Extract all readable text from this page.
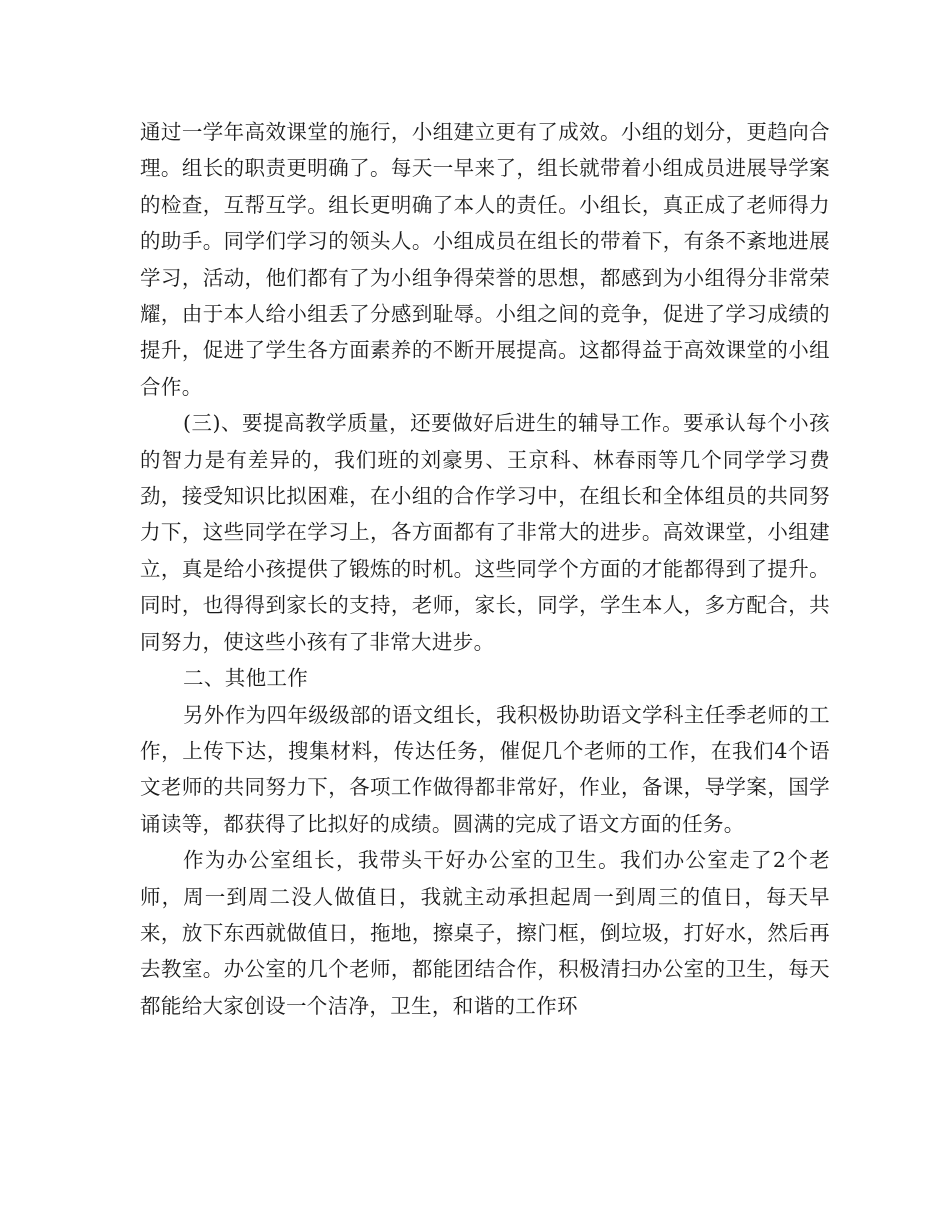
通过一学年高效课堂的施行，小组建立更有了成效。小组的划分，更趋向合理。组长的职责更明确了。每天一早来了，组长就带着小组成员进展导学案的检查，互帮互学。组长更明确了本人的责任。小组长，真正成了老师得力的助手。同学们学习的领头人。小组成员在组长的带着下，有条不紊地进展学习，活动，他们都有了为小组争得荣誉的思想，都感到为小组得分非常荣耀，由于本人给小组丢了分感到耻辱。小组之间的竞争，促进了学习成绩的提升，促进了学生各方面素养的不断开展提高。这都得益于高效课堂的小组合作。

(三)、要提高教学质量，还要做好后进生的辅导工作。要承认每个小孩的智力是有差异的，我们班的刘豪男、王京科、林春雨等几个同学学习费劲，接受知识比拟困难，在小组的合作学习中，在组长和全体组员的共同努力下，这些同学在学习上，各方面都有了非常大的进步。高效课堂，小组建立，真是给小孩提供了锻炼的时机。这些同学个方面的才能都得到了提升。同时，也得得到家长的支持，老师，家长，同学，学生本人，多方配合，共同努力，使这些小孩有了非常大进步。

二、其他工作

另外作为四年级级部的语文组长，我积极协助语文学科主任季老师的工作，上传下达，搜集材料，传达任务，催促几个老师的工作，在我们4个语文老师的共同努力下，各项工作做得都非常好，作业，备课，导学案，国学诵读等，都获得了比拟好的成绩。圆满的完成了语文方面的任务。

作为办公室组长，我带头干好办公室的卫生。我们办公室走了2个老师，周一到周二没人做值日，我就主动承担起周一到周三的值日，每天早来，放下东西就做值日，拖地，擦桌子，擦门框，倒垃圾，打好水，然后再去教室。办公室的几个老师，都能团结合作，积极清扫办公室的卫生，每天都能给大家创设一个洁净，卫生，和谐的工作环
